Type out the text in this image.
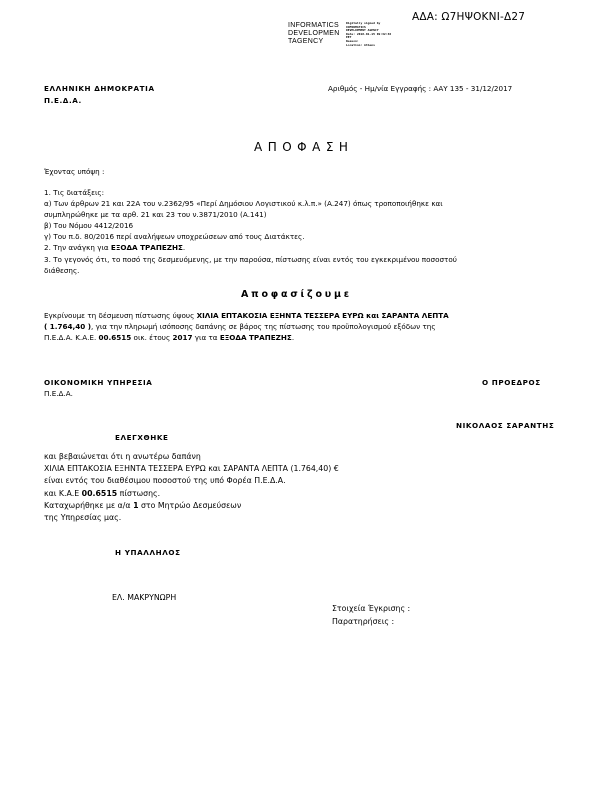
ΑΔΑ: Ω7ΗΨΟΚΝΙ-Δ27
INFORMATICS
DEVELOPMEN
TAGENCY
Digitally signed by
INFORMATICS
DEVELOPMENT AGENCY
Date: 2018.01.15 09:32:36
EET
Reason:
Location: Athens
ΕΛΛΗΝΙΚΗ ΔΗΜΟΚΡΑΤΙΑ
Π.Ε.Δ.Α.
Αριθμός - Ημ/νία Εγγραφής : ΑΑΥ 135 - 31/12/2017
ΑΠΟΦΑΣΗ
Έχοντας υπόψη :
1. Τις διατάξεις:
α) Των άρθρων 21 και 22Α του ν.2362/95 «Περί Δημόσιου Λογιστικού κ.λ.π.» (Α.247) όπως τροποποιήθηκε και
συμπληρώθηκε με τα αρθ. 21 και 23 του ν.3871/2010 (Α.141)
β) Του Νόμου 4412/2016
γ) Του π.δ. 80/2016 περί αναλήψεων υποχρεώσεων από τους Διατάκτες.
2. Την ανάγκη για ΕΞΟΔΑ ΤΡΑΠΕΖΗΣ.
3. Το γεγονός ότι, το ποσό της δεσμευόμενης, με την παρούσα, πίστωσης είναι εντός του εγκεκριμένου ποσοστού
διάθεσης.
Αποφασίζουμε
Εγκρίνουμε τη δέσμευση πίστωσης ύψους ΧΙΛΙΑ ΕΠΤΑΚΟΣΙΑ ΕΞΗΝΤΑ ΤΕΣΣΕΡΑ ΕΥΡΩ και ΣΑΡΑΝΤΑ ΛΕΠΤΑ
( 1.764,40 ), για την πληρωμή ισόποσης δαπάνης σε βάρος της πίστωσης του προϋπολογισμού εξόδων της
Π.Ε.Δ.Α. Κ.Α.Ε. 00.6515 οικ. έτους 2017 για τα ΕΞΟΔΑ ΤΡΑΠΕΖΗΣ.
ΟΙΚΟΝΟΜΙΚΗ ΥΠΗΡΕΣΙΑ
Π.Ε.Δ.Α.
Ο ΠΡΟΕΔΡΟΣ
ΝΙΚΟΛΑΟΣ ΣΑΡΑΝΤΗΣ
ΕΛΕΓΧΘΗΚΕ
και βεβαιώνεται ότι η ανωτέρω δαπάνη
ΧΙΛΙΑ ΕΠΤΑΚΟΣΙΑ ΕΞΗΝΤΑ ΤΕΣΣΕΡΑ ΕΥΡΩ και ΣΑΡΑΝΤΑ ΛΕΠΤΑ (1.764,40) €
είναι εντός του διαθέσιμου ποσοστού της υπό Φορέα Π.Ε.Δ.Α.
και Κ.Α.Ε 00.6515 πίστωσης.
Καταχωρήθηκε με α/α 1 στο Μητρώο Δεσμεύσεων
της Υπηρεσίας μας.
Η ΥΠΑΛΛΗΛΟΣ
ΕΛ. ΜΑΚΡΥΝΩΡΗ
Στοιχεία Έγκρισης :
Παρατηρήσεις :
